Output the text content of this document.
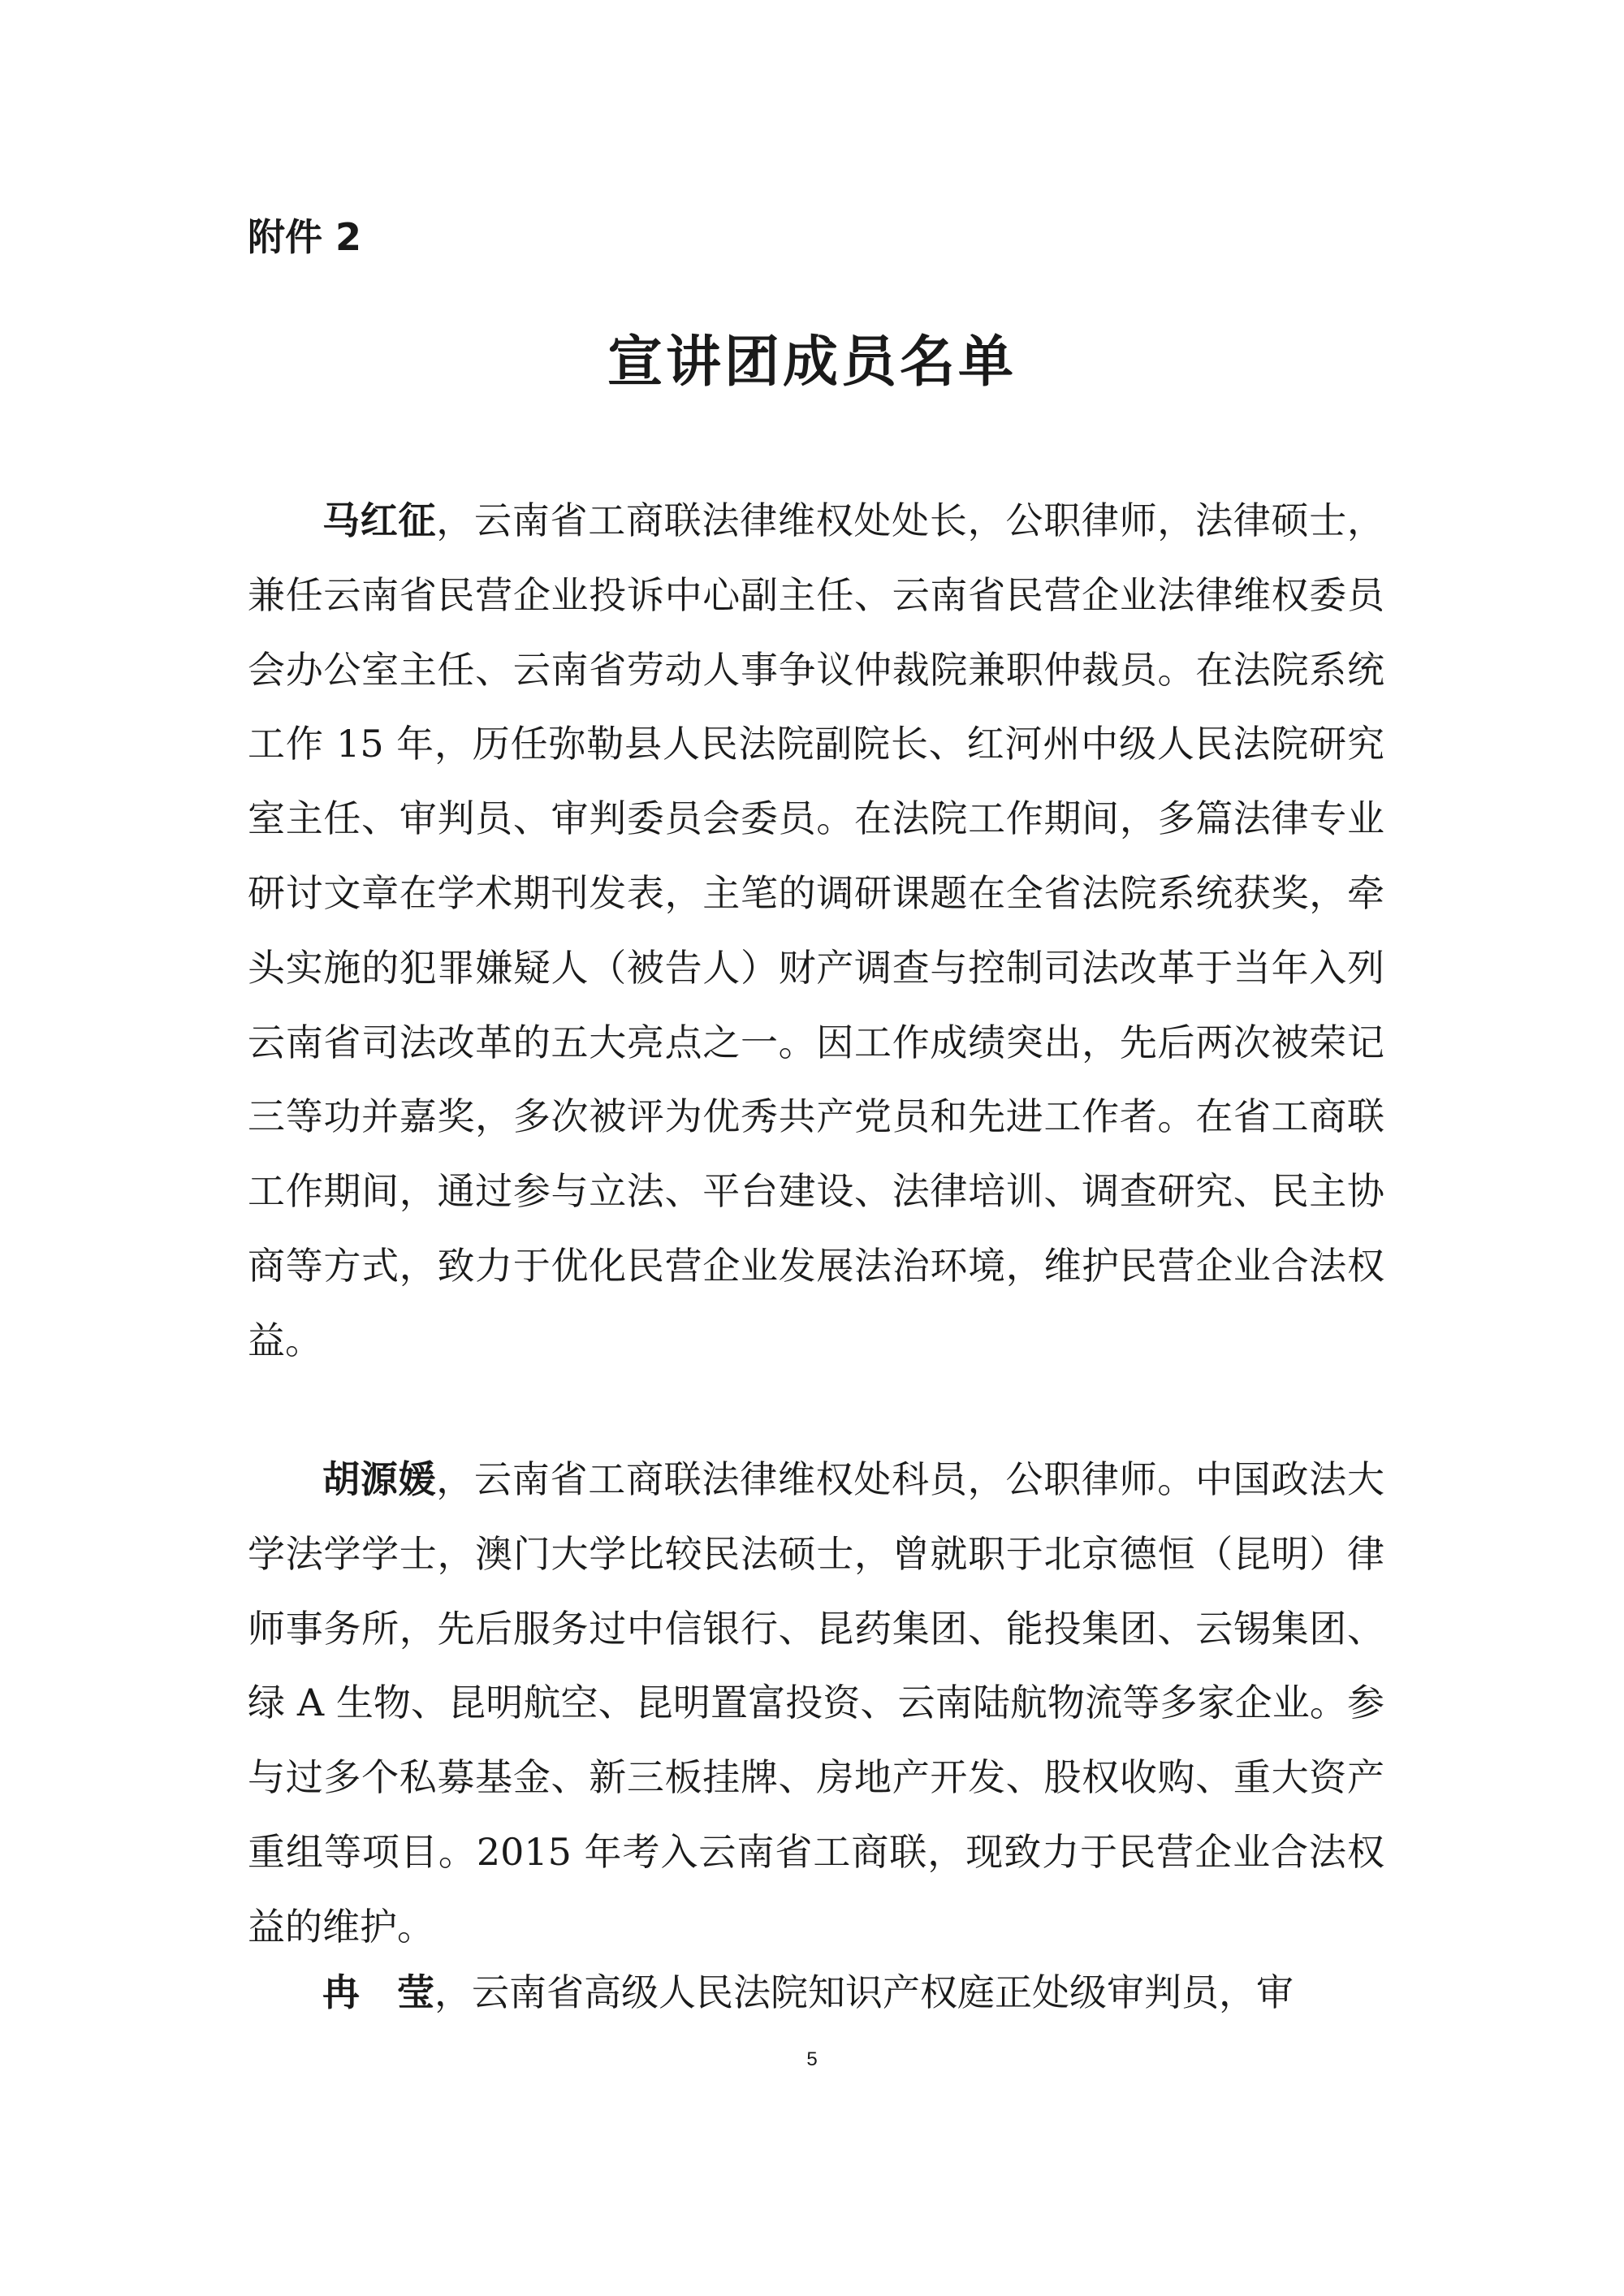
附件 2
宣讲团成员名单

马红征，云南省工商联法律维权处处长，公职律师，法律硕士，兼任云南省民营企业投诉中心副主任、云南省民营企业法律维权委员会办公室主任、云南省劳动人事争议仲裁院兼职仲裁员。在法院系统工作 15 年，历任弥勒县人民法院副院长、红河州中级人民法院研究室主任、审判员、审判委员会委员。在法院工作期间，多篇法律专业研讨文章在学术期刊发表，主笔的调研课题在全省法院系统获奖，牵头实施的犯罪嫌疑人（被告人）财产调查与控制司法改革于当年入列云南省司法改革的五大亮点之一。因工作成绩突出，先后两次被荣记三等功并嘉奖，多次被评为优秀共产党员和先进工作者。在省工商联工作期间，通过参与立法、平台建设、法律培训、调查研究、民主协商等方式，致力于优化民营企业发展法治环境，维护民营企业合法权益。

胡源媛，云南省工商联法律维权处科员，公职律师。中国政法大学法学学士，澳门大学比较民法硕士，曾就职于北京德恒（昆明）律师事务所，先后服务过中信银行、昆药集团、能投集团、云锡集团、绿 A 生物、昆明航空、昆明置富投资、云南陆航物流等多家企业。参与过多个私募基金、新三板挂牌、房地产开发、股权收购、重大资产重组等项目。2015 年考入云南省工商联，现致力于民营企业合法权益的维护。

冉　莹，云南省高级人民法院知识产权庭正处级审判员，审

5
